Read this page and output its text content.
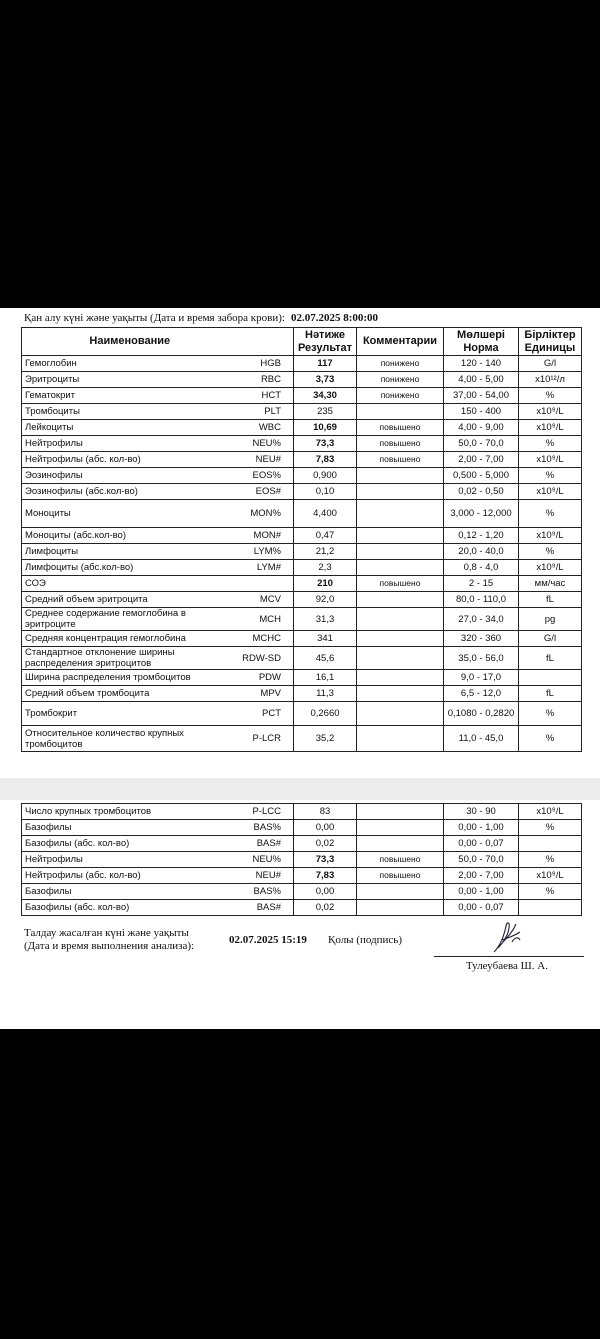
Қан алу күні және уақыты (Дата и время забора крови): 02.07.2025 8:00:00
Наименование		Нәтиже Результат	Комментарии	Мөлшері Норма	Бірліктер Единицы
Гемоглобин	HGB	117	понижено	120 - 140	G/l
Эритроциты	RBC	3,73	понижено	4,00 - 5,00	x10¹²/л
Гематокрит	HCT	34,30	понижено	37,00 - 54,00	%
Тромбоциты	PLT	235		150 - 400	x10⁹/L
Лейкоциты	WBC	10,69	повышено	4,00 - 9,00	x10⁹/L
Нейтрофилы	NEU%	73,3	повышено	50,0 - 70,0	%
Нейтрофилы (абс. кол-во)	NEU#	7,83	повышено	2,00 - 7,00	x10⁹/L
Эозинофилы	EOS%	0,900		0,500 - 5,000	%
Эозинофилы (абс.кол-во)	EOS#	0,10		0,02 - 0,50	x10⁹/L
Моноциты	MON%	4,400		3,000 - 12,000	%
Моноциты (абс.кол-во)	MON#	0,47		0,12 - 1,20	x10⁹/L
Лимфоциты	LYM%	21,2		20,0 - 40,0	%
Лимфоциты (абс.кол-во)	LYM#	2,3		0,8 - 4,0	x10⁹/L
СОЭ		210	повышено	2 - 15	мм/час
Средний объем эритроцита	MCV	92,0		80,0 - 110,0	fL
Среднее содержание гемоглобина в эритроците	MCH	31,3		27,0 - 34,0	pg
Средняя концентрация гемоглобина	MCHC	341		320 - 360	G/l
Стандартное отклонение ширины распределения эритроцитов	RDW-SD	45,6		35,0 - 56,0	fL
Ширина распределения тромбоцитов	PDW	16,1		9,0 - 17,0	
Средний объем тромбоцита	MPV	11,3		6,5 - 12,0	fL
Тромбокрит	PCT	0,2660		0,1080 - 0,2820	%
Относительное количество крупных тромбоцитов	P-LCR	35,2		11,0 - 45,0	%
Число крупных тромбоцитов	P-LCC	83		30 - 90	x10⁹/L
Базофилы	BAS%	0,00		0,00 - 1,00	%
Базофилы (абс. кол-во)	BAS#	0,02		0,00 - 0,07	
Нейтрофилы	NEU%	73,3	повышено	50,0 - 70,0	%
Нейтрофилы (абс. кол-во)	NEU#	7,83	повышено	2,00 - 7,00	x10⁹/L
Базофилы	BAS%	0,00		0,00 - 1,00	%
Базофилы (абс. кол-во)	BAS#	0,02		0,00 - 0,07	
Талдау жасалған күні және уақыты
(Дата и время выполнения анализа):	02.07.2025 15:19 Қолы (подпись)
Тулеубаева Ш. А.
